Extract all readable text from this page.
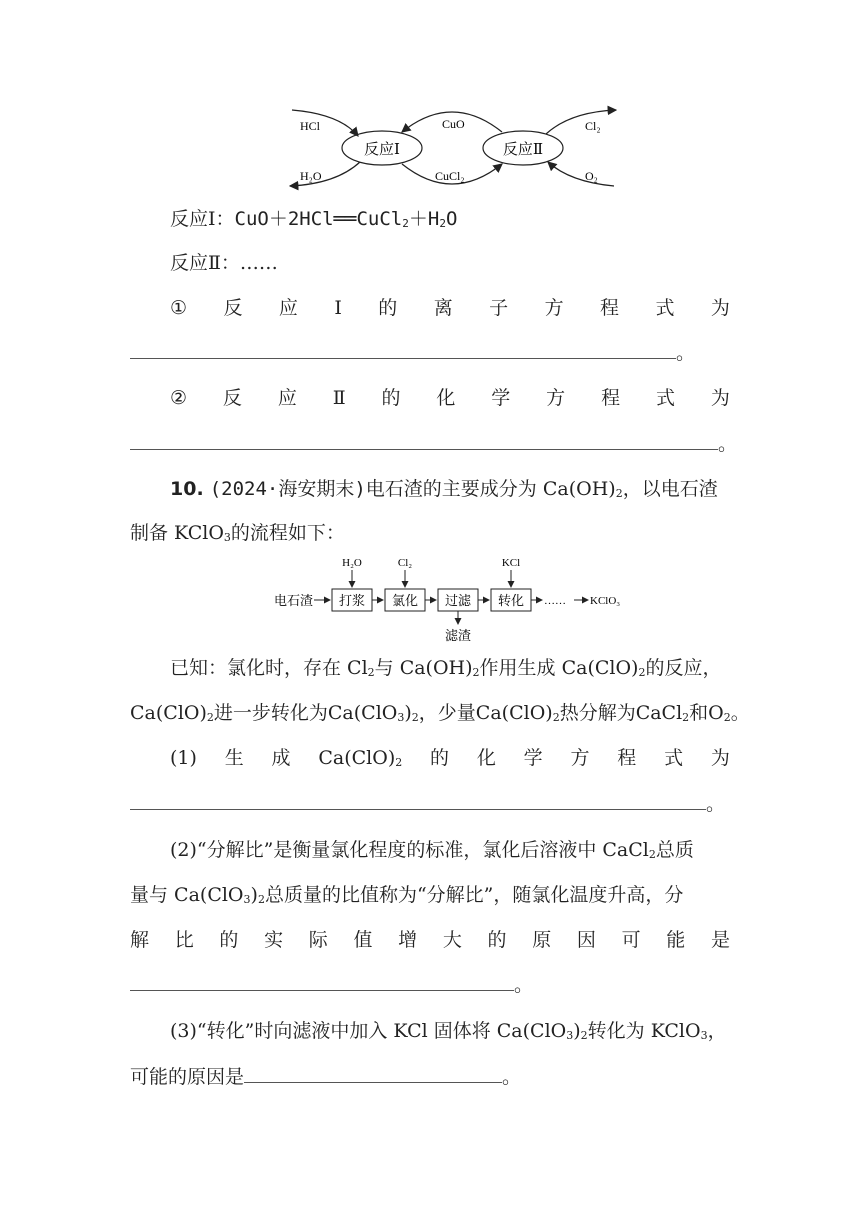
反应Ⅰ	反应Ⅱ
HCl
H₂O
CuO
CuCl₂
Cl₂
O₂
反应Ⅰ：$CuO+2HCl══CuCl_2+H_2O$
反应Ⅱ：……
① 反 应 Ⅰ 的 离 子 方 程 式 为
。
② 反 应 Ⅱ 的 化 学 方 程 式 为
。
10. (2024·海安期末)电石渣的主要成分为 $Ca(OH)_2$，以电石渣
制备 KClO$_3$的流程如下：
电石渣 打浆 氯化 过滤 转化 …… KClO₃
H₂O	Cl₂	KCl
滤渣
已知：氯化时，存在 $Cl_2$与 $Ca(OH)_2$作用生成 $Ca(ClO)_2$的反应，
$Ca(ClO)_2$进一步转化为$Ca(ClO_3)_2$，少量$Ca(ClO)_2$热分解为CaCl$_2$和$O_2$。
(1) 生 成 $Ca(ClO)_2$ 的 化 学 方 程 式 为
。
(2)“分解比”是衡量氯化程度的标准，氯化后溶液中 CaCl$_2$总质
量与 $Ca(ClO_3)_2$总质量的比值称为“分解比”，随氯化温度升高，分
解 比 的 实 际 值 增 大 的 原 因 可 能 是
。
(3)“转化”时向滤液中加入 KCl 固体将 $Ca(ClO_3)_2$转化为 KClO$_3$，
可能的原因是	。
